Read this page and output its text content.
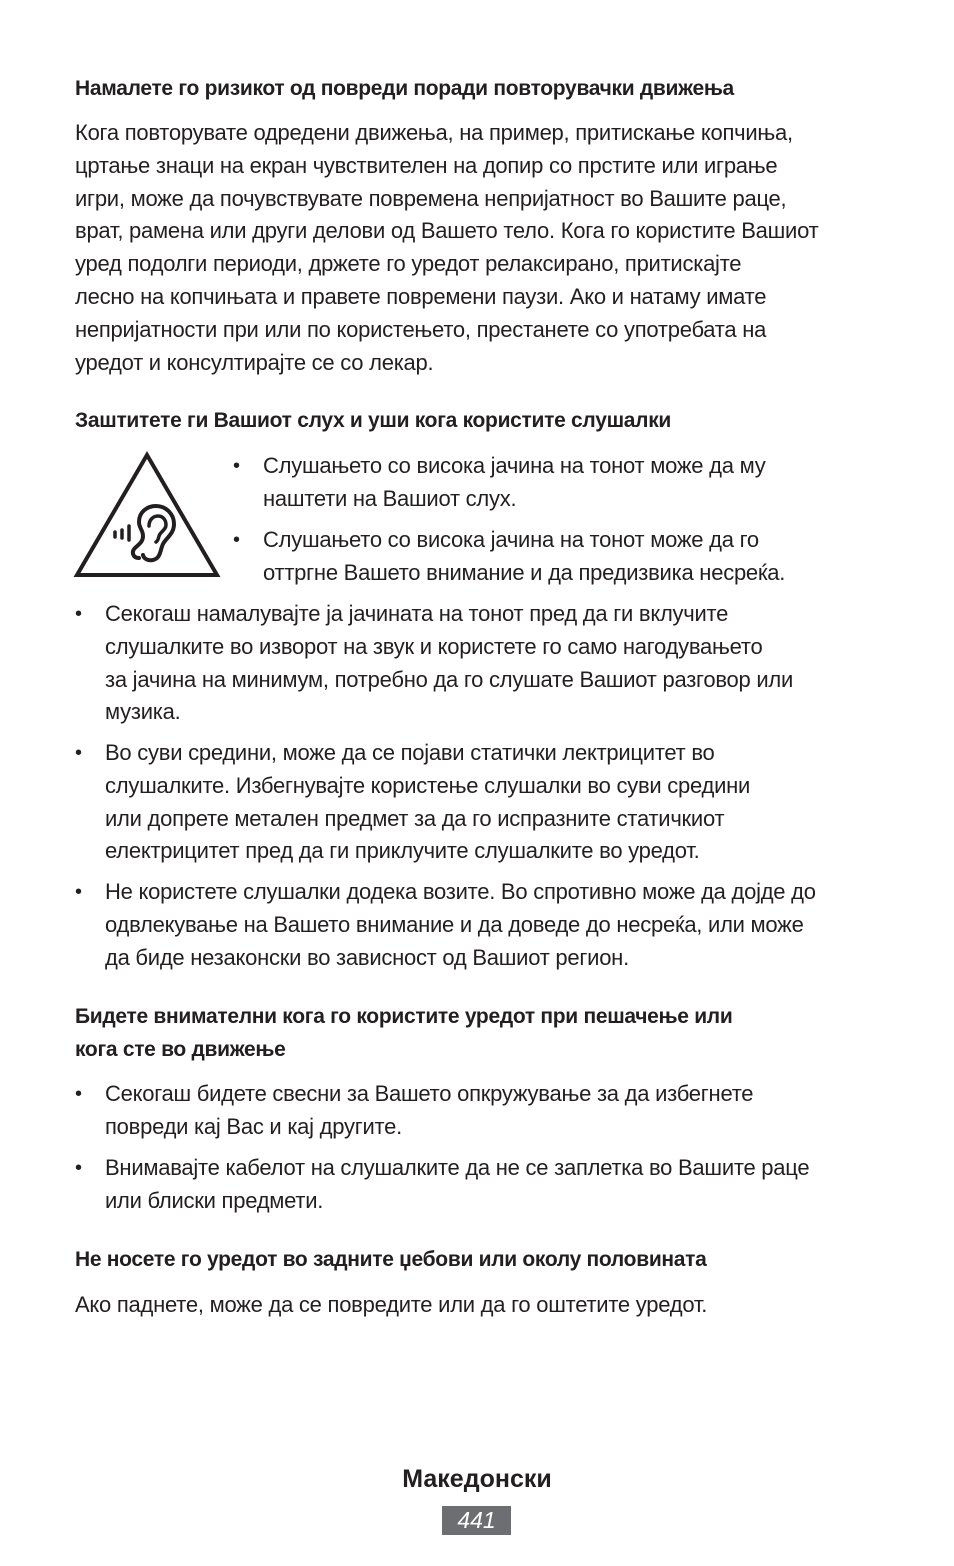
Намалете го ризикот од повреди поради повторувачки движења
Кога повторувате одредени движења, на пример, притискање копчиња,
цртање знаци на екран чувствителен на допир со прстите или играње
игри, може да почувствувате повремена непријатност во Вашите раце,
врат, рамена или други делови од Вашето тело. Кога го користите Вашиот
уред подолги периоди, држете го уредот релаксирано, притискајте
лесно на копчињата и правете повремени паузи. Ако и натаму имате
непријатности при или по користењето, престанете со употребата на
уредот и консултирајте се со лекар.
Заштитете ги Вашиот слух и уши кога користите слушалки
• Слушањето со висока јачина на тонот може да му
наштети на Вашиот слух.
• Слушањето со висока јачина на тонот може да го
оттргне Вашето внимание и да предизвика несреќа.
• Секогаш намалувајте ја јачината на тонот пред да ги вклучите
слушалките во изворот на звук и користете го само нагодувањето
за јачина на минимум, потребно да го слушате Вашиот разговор или
музика.
• Во суви средини, може да се појави статички лектрицитет во
слушалките. Избегнувајте користење слушалки во суви средини
или допрете метален предмет за да го испразните статичкиот
електрицитет пред да ги приклучите слушалките во уредот.
• Не користете слушалки додека возите. Во спротивно може да дојде до
одвлекување на Вашето внимание и да доведе до несреќа, или може
да биде незаконски во зависност од Вашиот регион.
Бидете внимателни кога го користите уредот при пешачење или
кога сте во движење
• Секогаш бидете свесни за Вашето опкружување за да избегнете
повреди кај Вас и кај другите.
• Внимавајте кабелот на слушалките да не се заплетка во Вашите раце
или блиски предмети.
Не носете го уредот во задните џебови или околу половината
Ако паднете, може да се повредите или да го оштетите уредот.
Македонски
441
